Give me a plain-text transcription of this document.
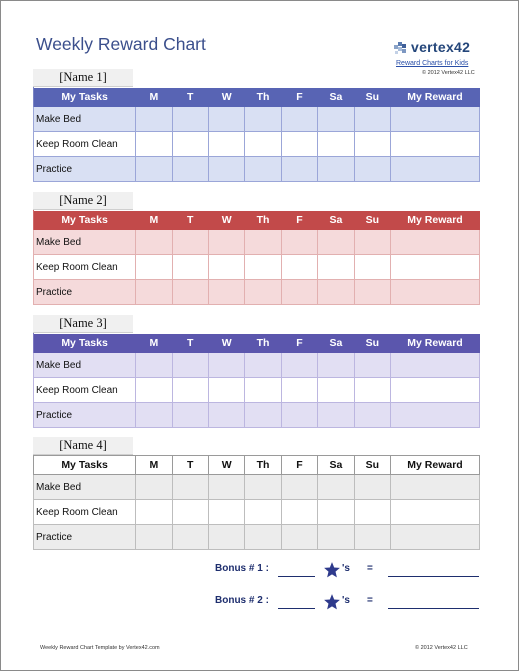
Weekly Reward Chart	vertex42
Reward Charts for Kids
© 2012 Vertex42 LLC
[Name 1]
My Tasks	M	T	W	Th	F	Sa	Su	My Reward
Make Bed								
Keep Room Clean								
Practice								
[Name 2]
My Tasks	M	T	W	Th	F	Sa	Su	My Reward
Make Bed								
Keep Room Clean								
Practice								
[Name 3]
My Tasks	M	T	W	Th	F	Sa	Su	My Reward
Make Bed								
Keep Room Clean								
Practice								
[Name 4]
My Tasks	M	T	W	Th	F	Sa	Su	My Reward
Make Bed								
Keep Room Clean								
Practice								
Bonus # 1 :	's =
Bonus # 2 :	's =
Weekly Reward Chart Template by Vertex42.com	© 2012 Vertex42 LLC
